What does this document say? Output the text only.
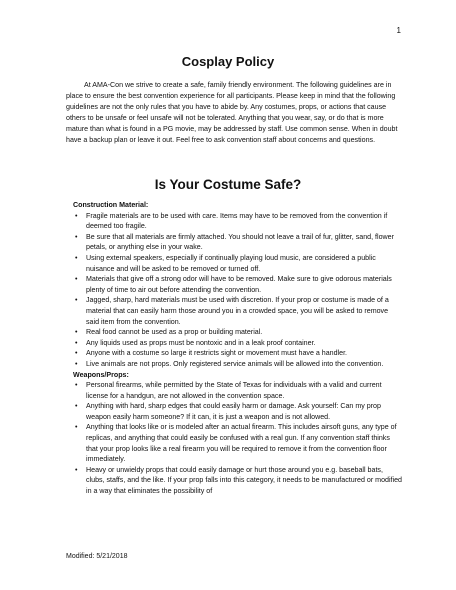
1
Cosplay Policy

At AMA-Con we strive to create a safe, family friendly environment. The following guidelines are in place to ensure the best convention experience for all participants. Please keep in mind that the following guidelines are not the only rules that you have to abide by. Any costumes, props, or actions that cause others to be unsafe or feel unsafe will not be tolerated. Anything that you wear, say, or do that is more mature than what is found in a PG movie, may be addressed by staff. Use common sense. When in doubt have a backup plan or leave it out. Feel free to ask convention staff about concerns and questions.

Is Your Costume Safe?
Construction Material:
• Fragile materials are to be used with care. Items may have to be removed from the convention if deemed too fragile.
• Be sure that all materials are firmly attached. You should not leave a trail of fur, glitter, sand, flower petals, or anything else in your wake.
• Using external speakers, especially if continually playing loud music, are considered a public nuisance and will be asked to be removed or turned off.
• Materials that give off a strong odor will have to be removed. Make sure to give odorous materials plenty of time to air out before attending the convention.
• Jagged, sharp, hard materials must be used with discretion. If your prop or costume is made of a material that can easily harm those around you in a crowded space, you will be asked to remove said item from the convention.
• Real food cannot be used as a prop or building material.
• Any liquids used as props must be nontoxic and in a leak proof container.
• Anyone with a costume so large it restricts sight or movement must have a handler.
• Live animals are not props. Only registered service animals will be allowed into the convention.
Weapons/Props:
• Personal firearms, while permitted by the State of Texas for individuals with a valid and current license for a handgun, are not allowed in the convention space.
• Anything with hard, sharp edges that could easily harm or damage. Ask yourself: Can my prop weapon easily harm someone? If it can, it is just a weapon and is not allowed.
• Anything that looks like or is modeled after an actual firearm. This includes airsoft guns, any type of replicas, and anything that could easily be confused with a real gun. If any convention staff thinks that your prop looks like a real firearm you will be required to remove it from the convention floor immediately.
• Heavy or unwieldy props that could easily damage or hurt those around you e.g. baseball bats, clubs, staffs, and the like. If your prop falls into this category, it needs to be manufactured or modified in a way that eliminates the possibility of
Modified: 5/21/2018
